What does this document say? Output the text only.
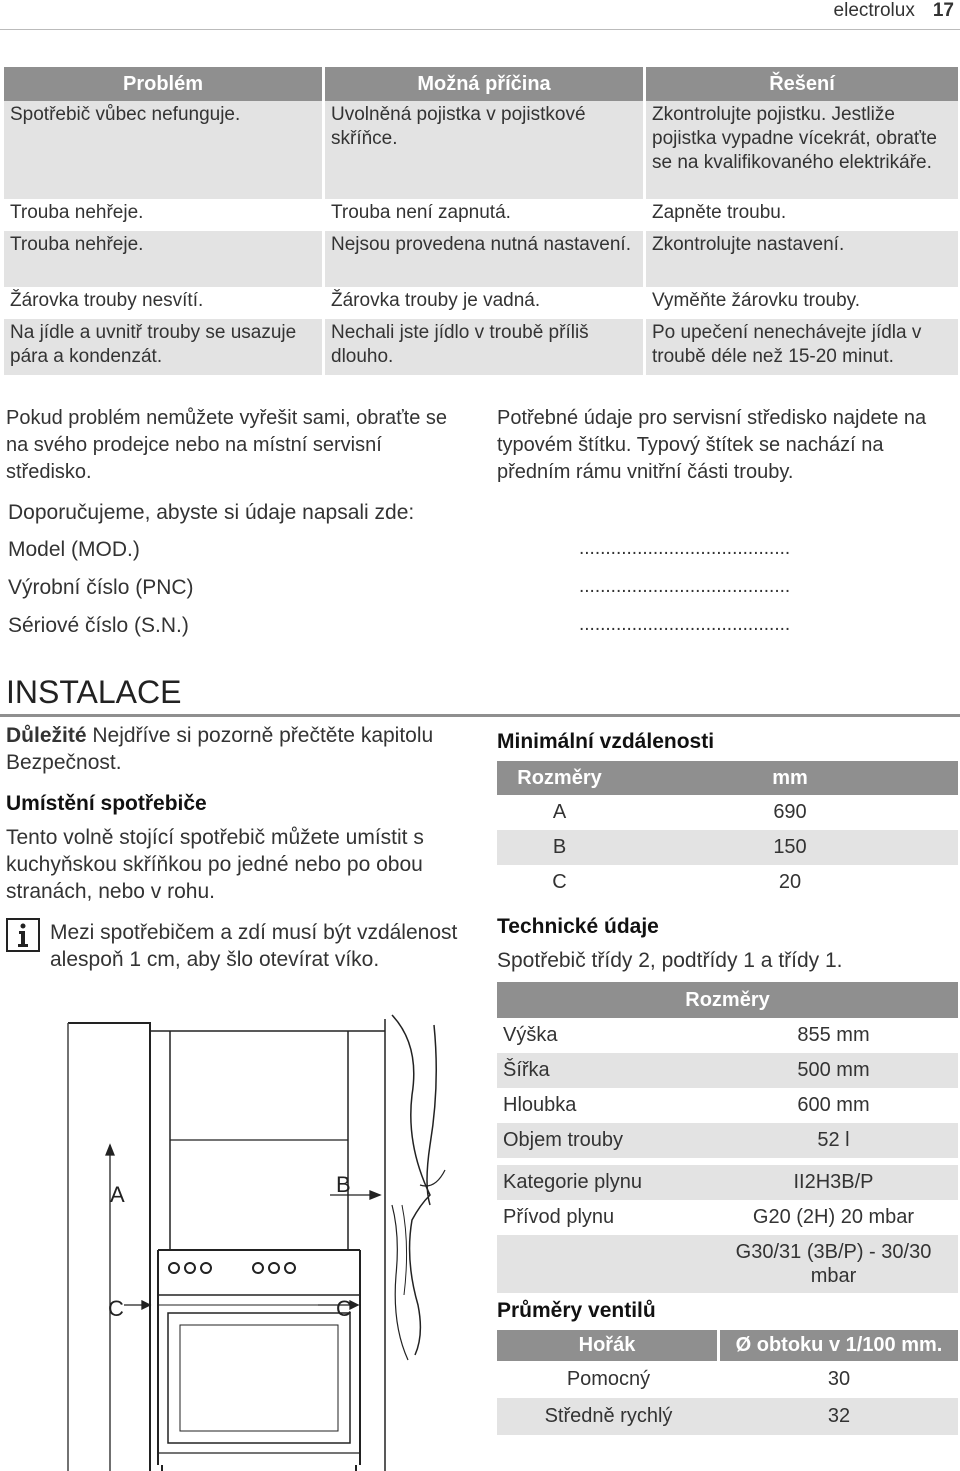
electrolux 17
Problém	Možná příčina	Řešení
Spotřebič vůbec nefunguje.	Uvolněná pojistka v pojistkové skříňce.	Zkontrolujte pojistku. Jestliže pojistka vypadne vícekrát, obraťte se na kvalifikovaného elektrikáře.
Trouba nehřeje.	Trouba není zapnutá.	Zapněte troubu.
Trouba nehřeje.	Nejsou provedena nutná nastavení.	Zkontrolujte nastavení.
Žárovka trouby nesvítí.	Žárovka trouby je vadná.	Vyměňte žárovku trouby.
Na jídle a uvnitř trouby se usazuje pára a kondenzát.	Nechali jste jídlo v troubě příliš dlouho.	Po upečení nenechávejte jídla v troubě déle než 15-20 minut.
Pokud problém nemůžete vyřešit sami, obraťte se na svého prodejce nebo na místní servisní středisko.
Potřebné údaje pro servisní středisko najdete na typovém štítku. Typový štítek se nachází na předním rámu vnitřní části trouby.
Doporučujeme, abyste si údaje napsali zde:
Model (MOD.)	........................................
Výrobní číslo (PNC)	........................................
Sériové číslo (S.N.)	........................................
INSTALACE
Důležité Nejdříve si pozorně přečtěte kapitolu Bezpečnost.
Umístění spotřebiče
Tento volně stojící spotřebič můžete umístit s kuchyňskou skříňkou po jedné nebo po obou stranách, nebo v rohu.
Mezi spotřebičem a zdí musí být vzdálenost alespoň 1 cm, aby šlo otevírat víko.
A	B
C	C
Minimální vzdálenosti
Rozměry	mm
A	690
B	150
C	20
Technické údaje
Spotřebič třídy 2, podtřídy 1 a třídy 1.
Rozměry	
Výška	855 mm
Šířka	500 mm
Hloubka	600 mm
Objem trouby	52 l

Kategorie plynu	II2H3B/P
Přívod plynu	G20 (2H) 20 mbar
	G30/31 (3B/P) - 30/30 mbar
Průměry ventilů
Hořák	Ø obtoku v 1/100 mm.
Pomocný	30
Středně rychlý	32
